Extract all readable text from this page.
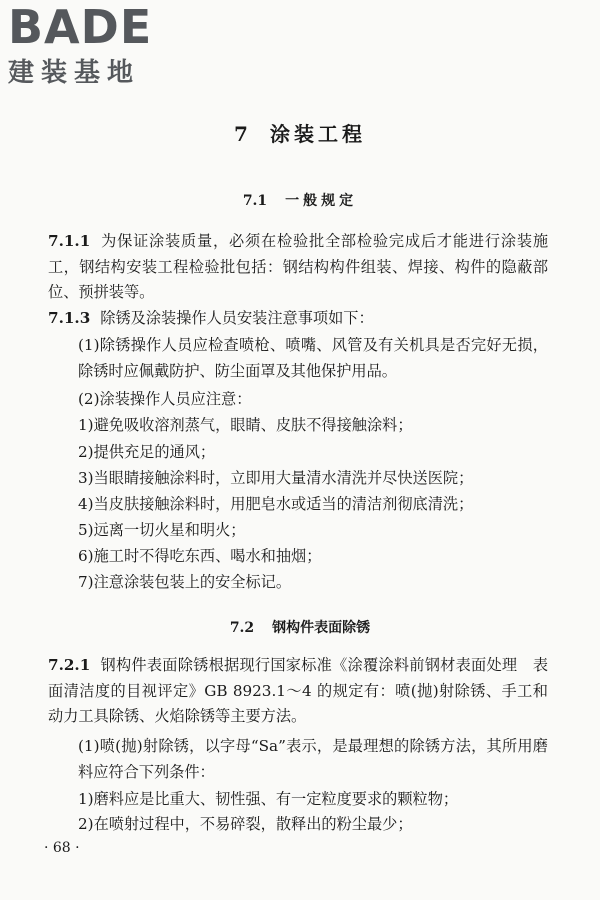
BADE
建装基地
7 涂装工程
7.1 一般规定
7.1.1 为保证涂装质量，必须在检验批全部检验完成后才能进行涂装施工，钢结构安装工程检验批包括：钢结构构件组装、焊接、构件的隐蔽部位、预拼装等。
7.1.3 除锈及涂装操作人员安装注意事项如下：
(1)除锈操作人员应检查喷枪、喷嘴、风管及有关机具是否完好无损，除锈时应佩戴防护、防尘面罩及其他保护用品。
(2)涂装操作人员应注意：
1)避免吸收溶剂蒸气，眼睛、皮肤不得接触涂料；
2)提供充足的通风；
3)当眼睛接触涂料时，立即用大量清水清洗并尽快送医院；
4)当皮肤接触涂料时，用肥皂水或适当的清洁剂彻底清洗；
5)远离一切火星和明火；
6)施工时不得吃东西、喝水和抽烟；
7)注意涂装包装上的安全标记。
7.2 钢构件表面除锈
7.2.1 钢构件表面除锈根据现行国家标准《涂覆涂料前钢材表面处理　表面清洁度的目视评定》GB 8923.1～4 的规定有：喷(抛)射除锈、手工和动力工具除锈、火焰除锈等主要方法。
(1)喷(抛)射除锈，以字母“Sa”表示，是最理想的除锈方法，其所用磨料应符合下列条件：
1)磨料应是比重大、韧性强、有一定粒度要求的颗粒物；
2)在喷射过程中，不易碎裂，散释出的粉尘最少；
· 68 ·
